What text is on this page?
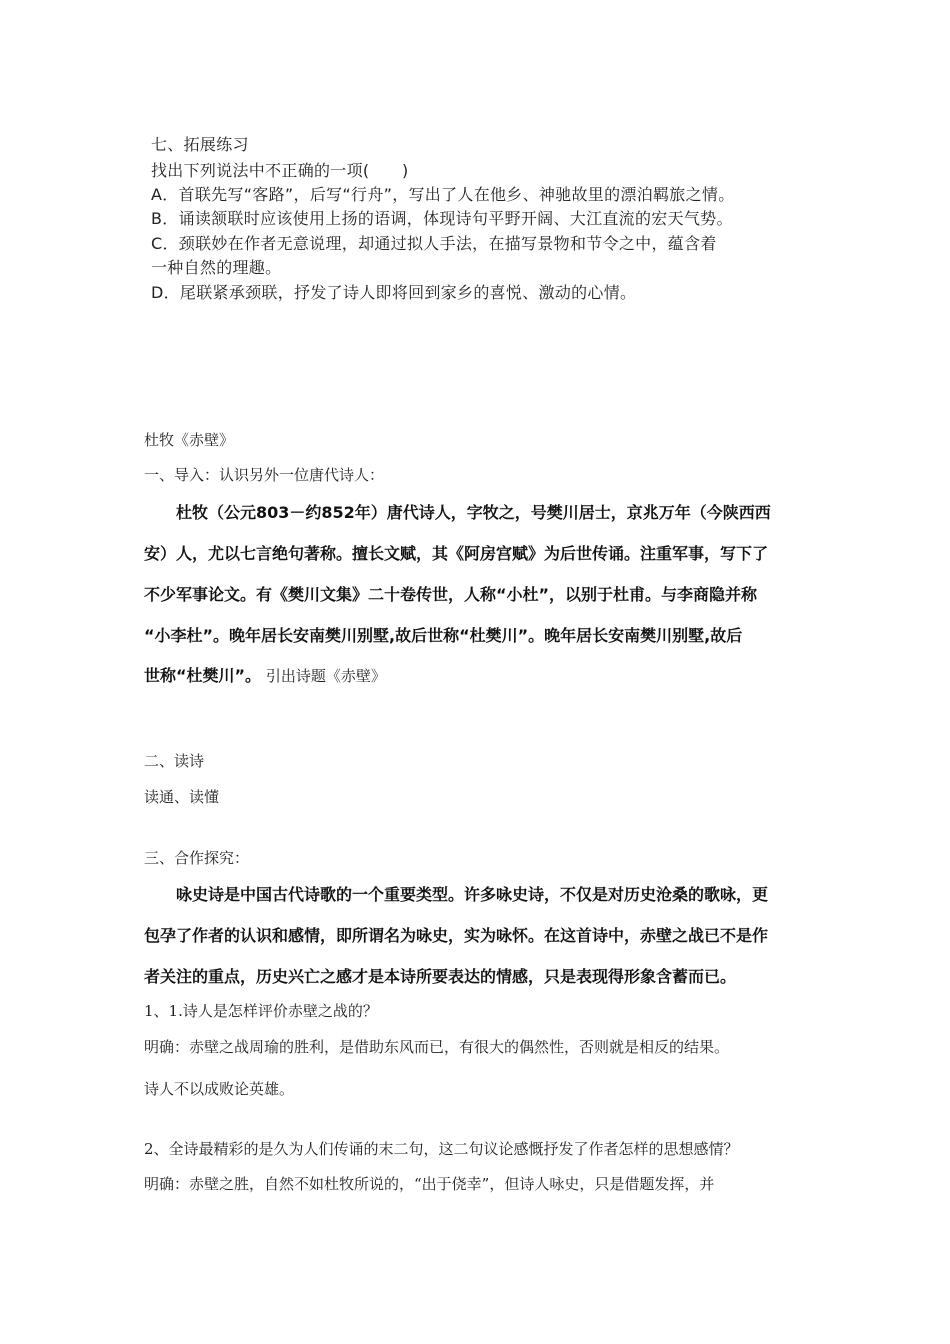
七、拓展练习
找出下列说法中不正确的一项(　　)
A．首联先写“客路”，后写“行舟”，写出了人在他乡、神驰故里的漂泊羁旅之情。
B．诵读颔联时应该使用上扬的语调，体现诗句平野开阔、大江直流的宏天气势。
C．颈联妙在作者无意说理，却通过拟人手法，在描写景物和节令之中，蕴含着
一种自然的理趣。
D．尾联紧承颈联，抒发了诗人即将回到家乡的喜悦、激动的心情。
杜牧《赤壁》
一、导入：认识另外一位唐代诗人：
杜牧（公元803－约852年）唐代诗人，字牧之，号樊川居士，京兆万年（今陕西西
安）人，尤以七言绝句著称。擅长文赋，其《阿房宫赋》为后世传诵。注重军事，写下了
不少军事论文。有《樊川文集》二十卷传世，人称“小杜”，以别于杜甫。与李商隐并称
“小李杜”。晚年居长安南樊川别墅,故后世称“杜樊川”。晚年居长安南樊川别墅,故后
世称“杜樊川”。 引出诗题《赤壁》
二、读诗
读通、读懂
三、合作探究：
咏史诗是中国古代诗歌的一个重要类型。许多咏史诗，不仅是对历史沧桑的歌咏，更
包孕了作者的认识和感情，即所谓名为咏史，实为咏怀。在这首诗中，赤壁之战已不是作
者关注的重点，历史兴亡之感才是本诗所要表达的情感，只是表现得形象含蓄而已。
1、1.诗人是怎样评价赤壁之战的？
明确：赤壁之战周瑜的胜利，是借助东风而已，有很大的偶然性，否则就是相反的结果。
诗人不以成败论英雄。
2、全诗最精彩的是久为人们传诵的末二句，这二句议论感慨抒发了作者怎样的思想感情？
明确：赤壁之胜，自然不如杜牧所说的，“出于侥幸”，但诗人咏史，只是借题发挥，并
